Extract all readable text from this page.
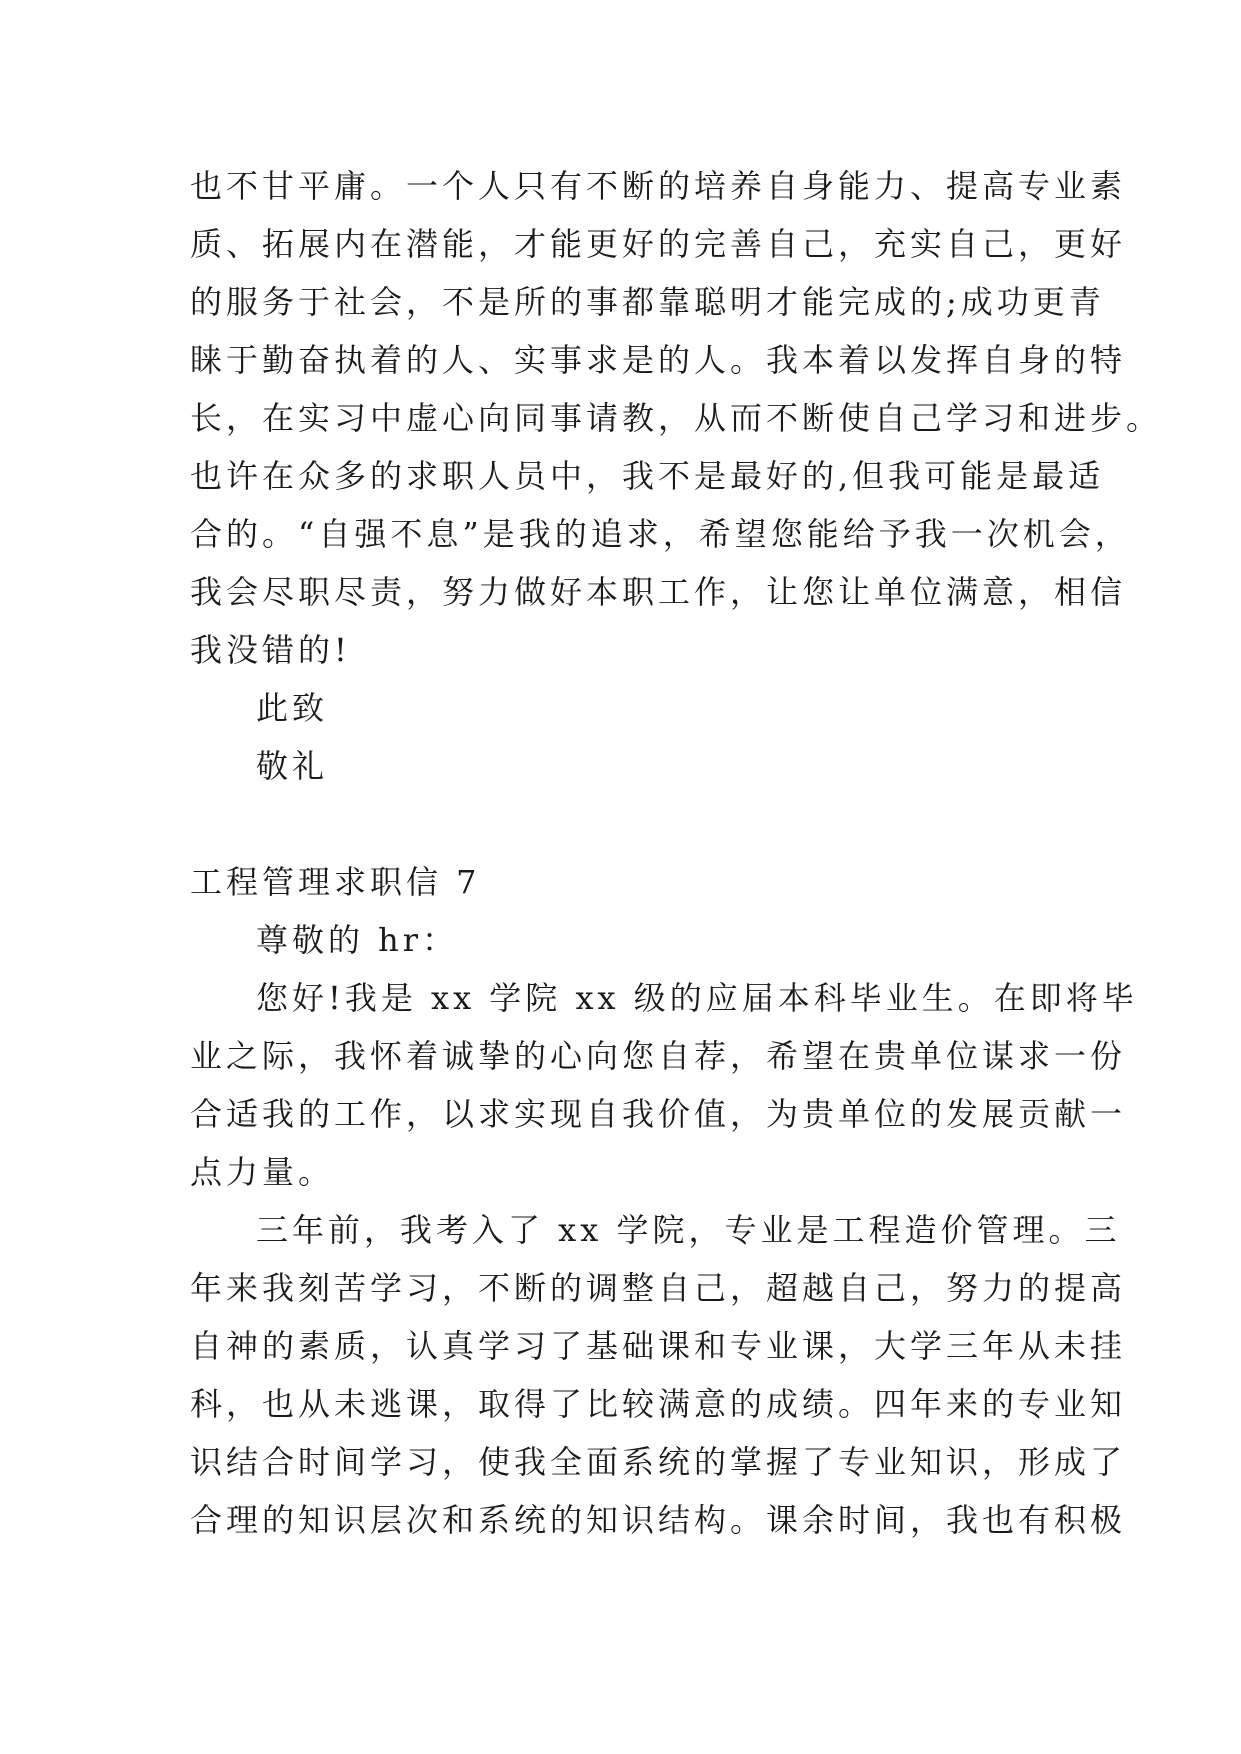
也不甘平庸。一个人只有不断的培养自身能力、提高专业素
质、拓展内在潜能，才能更好的完善自己，充实自己，更好
的服务于社会，不是所的事都靠聪明才能完成的;成功更青
睐于勤奋执着的人、实事求是的人。我本着以发挥自身的特
长，在实习中虚心向同事请教，从而不断使自己学习和进步。
也许在众多的求职人员中，我不是最好的,但我可能是最适
合的。“自强不息”是我的追求，希望您能给予我一次机会，
我会尽职尽责，努力做好本职工作，让您让单位满意，相信
我没错的!
此致
敬礼
工程管理求职信 7
尊敬的 hr：
您好!我是 xx 学院 xx 级的应届本科毕业生。在即将毕
业之际，我怀着诚挚的心向您自荐，希望在贵单位谋求一份
合适我的工作，以求实现自我价值，为贵单位的发展贡献一
点力量。
三年前，我考入了 xx 学院，专业是工程造价管理。三
年来我刻苦学习，不断的调整自己，超越自己，努力的提高
自神的素质，认真学习了基础课和专业课，大学三年从未挂
科，也从未逃课，取得了比较满意的成绩。四年来的专业知
识结合时间学习，使我全面系统的掌握了专业知识，形成了
合理的知识层次和系统的知识结构。课余时间，我也有积极
